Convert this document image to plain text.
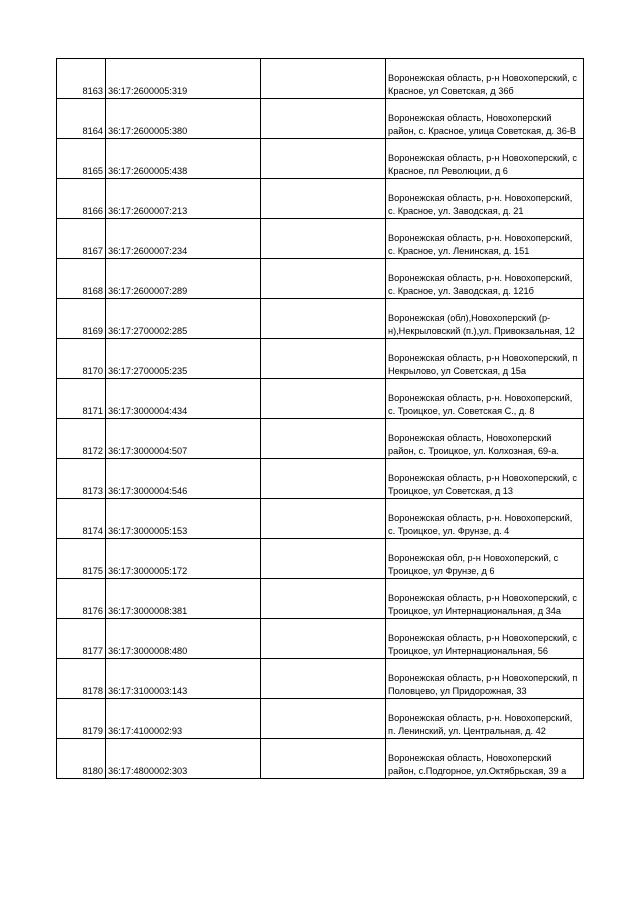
8163	36:17:2600005:319		Воронежская область, р-н Новохоперский, с Красное, ул Советская, д 36б
8164	36:17:2600005:380		Воронежская область, Новохоперский район, с. Красное, улица Советская, д. 36-В
8165	36:17:2600005:438		Воронежская область, р-н Новохоперский, с Красное, пл Революции, д 6
8166	36:17:2600007:213		Воронежская область, р-н. Новохоперский, с. Красное, ул. Заводская, д. 21
8167	36:17:2600007:234		Воронежская область, р-н. Новохоперский, с. Красное, ул. Ленинская, д. 151
8168	36:17:2600007:289		Воронежская область, р-н. Новохоперский, с. Красное, ул. Заводская, д. 121б
8169	36:17:2700002:285		Воронежская (обл),Новохоперский (р-н),Некрыловский (п.),ул. Привокзальная, 12
8170	36:17:2700005:235		Воронежская область, р-н Новохоперский, п Некрылово, ул Советская, д 15а
8171	36:17:3000004:434		Воронежская область, р-н. Новохоперский, с. Троицкое, ул. Советская С., д. 8
8172	36:17:3000004:507		Воронежская область, Новохоперский район, с. Троицкое, ул. Колхозная, 69-а.
8173	36:17:3000004:546		Воронежская область, р-н Новохоперский, с Троицкое, ул Советская, д 13
8174	36:17:3000005:153		Воронежская область, р-н. Новохоперский, с. Троицкое, ул. Фрунзе, д. 4
8175	36:17:3000005:172		Воронежская обл, р-н Новохоперский, с Троицкое, ул Фрунзе, д 6
8176	36:17:3000008:381		Воронежская область, р-н Новохоперский, с Троицкое, ул Интернациональная, д 34а
8177	36:17:3000008:480		Воронежская область, р-н Новохоперский, с Троицкое, ул Интернациональная, 56
8178	36:17:3100003:143		Воронежская область, р-н Новохоперский, п Половцево, ул Придорожная, 33
8179	36:17:4100002:93		Воронежская область, р-н. Новохоперский, п. Ленинский, ул. Центральная, д. 42
8180	36:17:4800002:303		Воронежская область, Новохоперский район, с.Подгорное, ул.Октябрьская, 39 а
